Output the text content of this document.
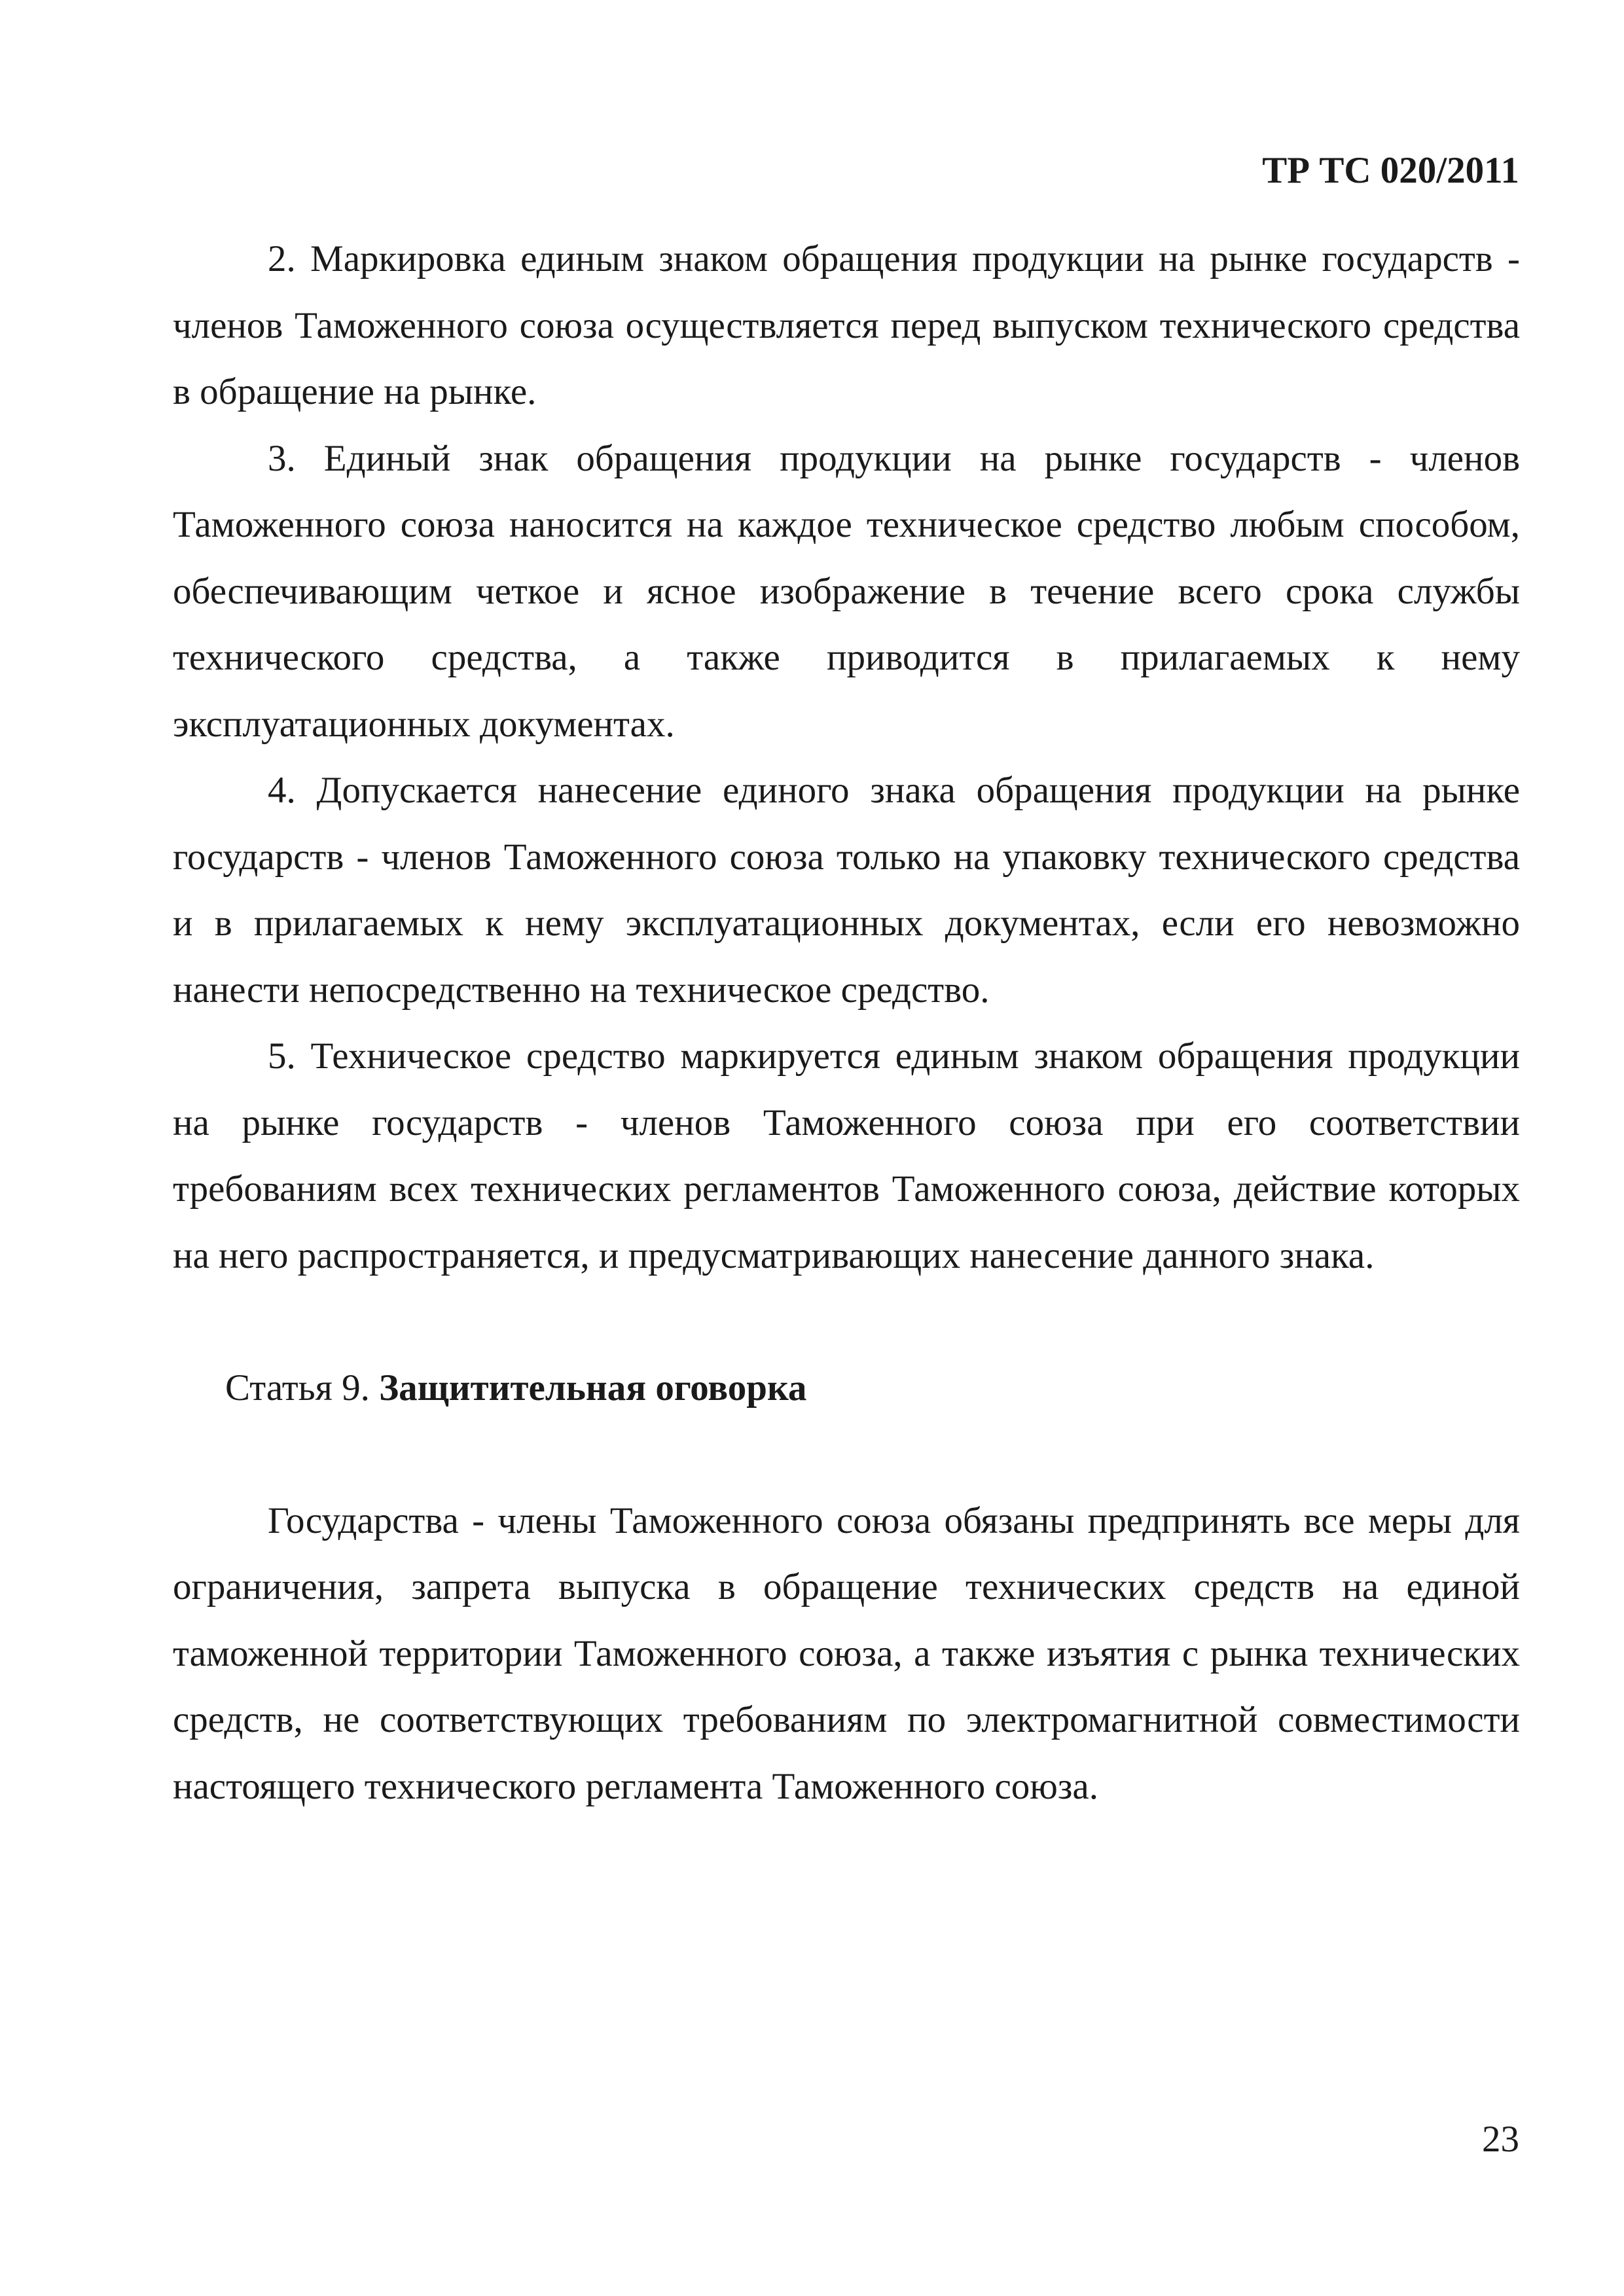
ТР ТС 020/2011

2. Маркировка единым знаком обращения продукции на рынке государств - членов Таможенного союза осуществляется перед выпуском технического средства в обращение на рынке.

3. Единый знак обращения продукции на рынке государств - членов Таможенного союза наносится на каждое техническое средство любым способом, обеспечивающим четкое и ясное изображение в течение всего срока службы технического средства, а также приводится в прилагаемых к нему эксплуатационных документах.

4. Допускается нанесение единого знака обращения продукции на рынке государств - членов Таможенного союза только на упаковку технического средства и в прилагаемых к нему эксплуатационных документах, если его невозможно нанести непосредственно на техническое средство.

5. Техническое средство маркируется единым знаком обращения продукции на рынке государств - членов Таможенного союза при его соответствии требованиям всех технических регламентов Таможенного союза, действие которых на него распространяется, и предусматривающих нанесение данного знака.

Статья 9. Защитительная оговорка

Государства - члены Таможенного союза обязаны предпринять все меры для ограничения, запрета выпуска в обращение технических средств на единой таможенной территории Таможенного союза, а также изъятия с рынка технических средств, не соответствующих требованиям по электромагнитной совместимости настоящего технического регламента Таможенного союза.

23
